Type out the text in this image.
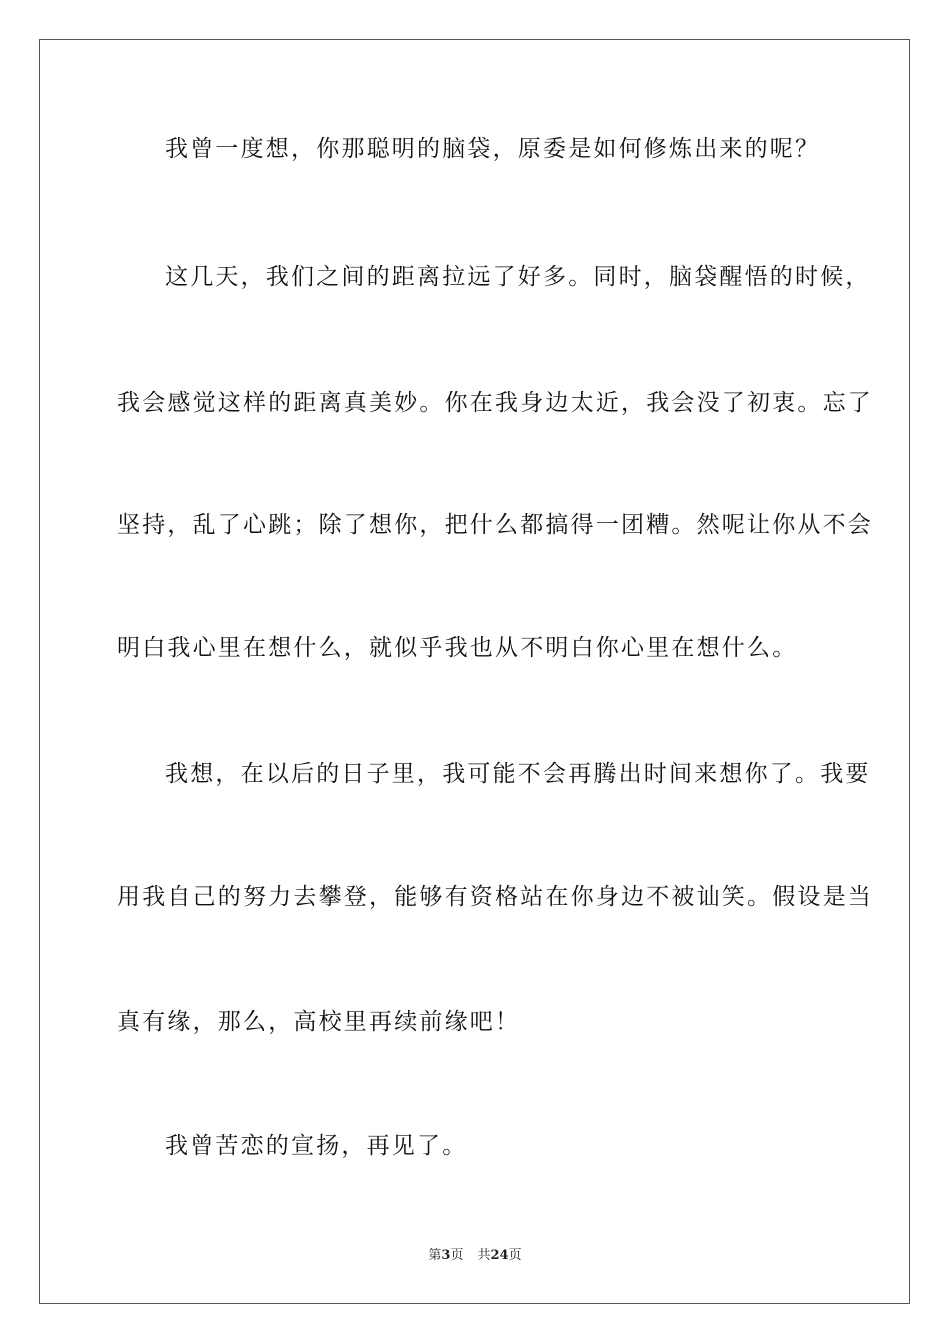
我曾一度想，你那聪明的脑袋，原委是如何修炼出来的呢？
这几天，我们之间的距离拉远了好多。同时，脑袋醒悟的时候，
我会感觉这样的距离真美妙。你在我身边太近，我会没了初衷。忘了
坚持，乱了心跳；除了想你，把什么都搞得一团糟。然呢让你从不会
明白我心里在想什么，就似乎我也从不明白你心里在想什么。
我想，在以后的日子里，我可能不会再腾出时间来想你了。我要
用我自己的努力去攀登，能够有资格站在你身边不被讪笑。假设是当
真有缘，那么，高校里再续前缘吧！
我曾苦恋的宣扬，再见了。
第3页 共24页
